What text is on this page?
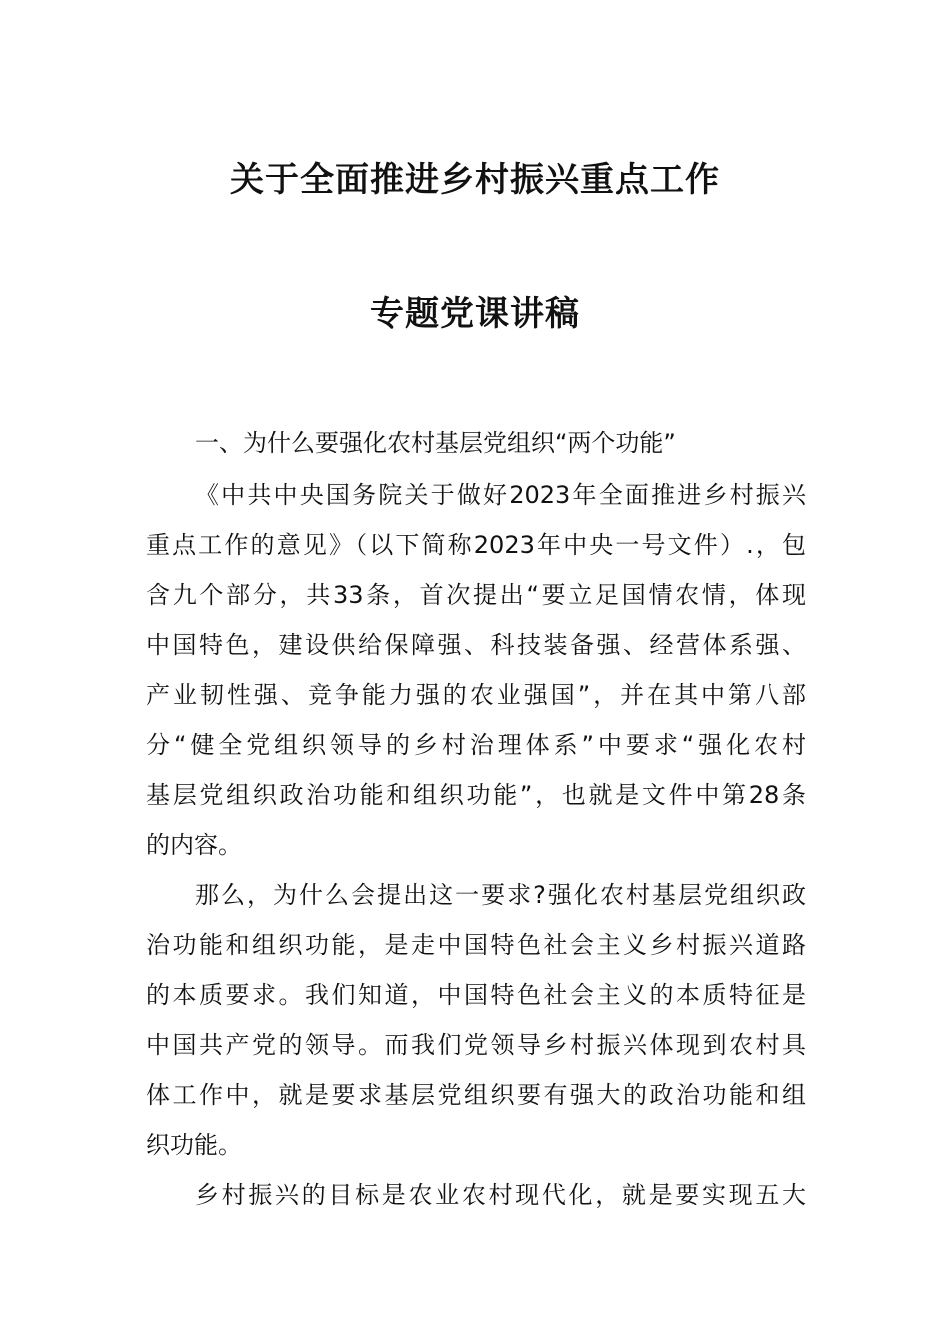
关于全面推进乡村振兴重点工作
专题党课讲稿
一、为什么要强化农村基层党组织“两个功能”
《中共中央国务院关于做好2023年全面推进乡村振兴
重点工作的意见》（以下简称2023年中央一号文件）.，包
含九个部分，共33条，首次提出“要立足国情农情，体现
中国特色，建设供给保障强、科技装备强、经营体系强、
产业韧性强、竞争能力强的农业强国”，并在其中第八部
分“健全党组织领导的乡村治理体系”中要求“强化农村
基层党组织政治功能和组织功能”，也就是文件中第28条
的内容。
那么，为什么会提出这一要求?强化农村基层党组织政
治功能和组织功能，是走中国特色社会主义乡村振兴道路
的本质要求。我们知道，中国特色社会主义的本质特征是
中国共产党的领导。而我们党领导乡村振兴体现到农村具
体工作中，就是要求基层党组织要有强大的政治功能和组
织功能。
乡村振兴的目标是农业农村现代化，就是要实现五大
